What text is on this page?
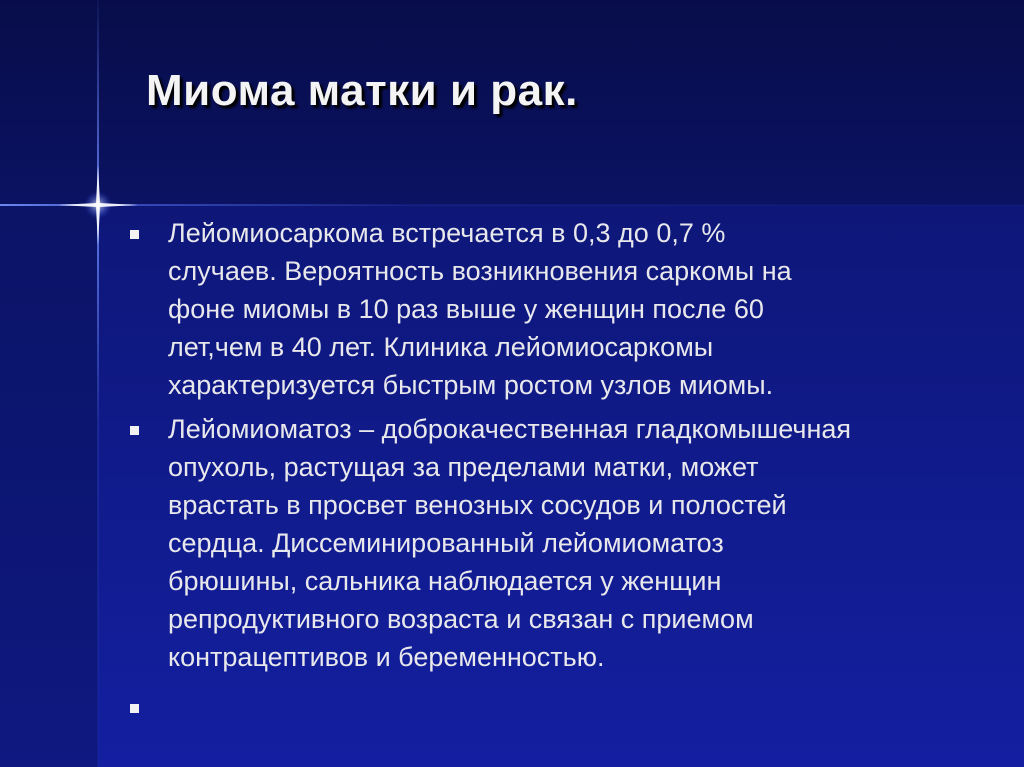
Миома матки и рак.
Лейомиосаркома встречается в 0,3 до 0,7 %
случаев. Вероятность возникновения саркомы на
фоне миомы в 10 раз выше у женщин после 60
лет,чем в 40 лет. Клиника лейомиосаркомы
характеризуется быстрым ростом узлов миомы.
Лейомиоматоз – доброкачественная гладкомышечная
опухоль, растущая за пределами матки, может
врастать в просвет венозных сосудов и полостей
сердца. Диссеминированный лейомиоматоз
брюшины, сальника наблюдается у женщин
репродуктивного возраста и связан с приемом
контрацептивов и беременностью.
